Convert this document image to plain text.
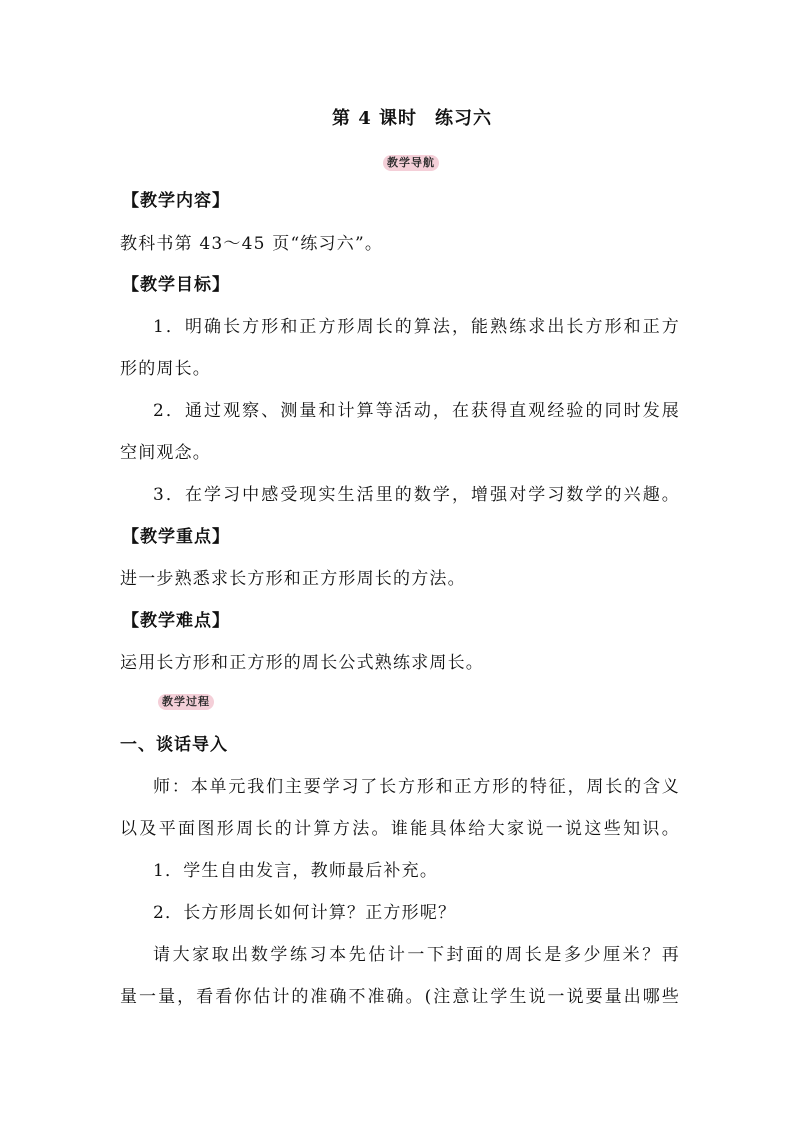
第 4 课时 练习六
教学导航
【教学内容】
教科书第 43～45 页“练习六”。
【教学目标】
1．明确长方形和正方形周长的算法，能熟练求出长方形和正方
形的周长。
2．通过观察、测量和计算等活动，在获得直观经验的同时发展
空间观念。
3．在学习中感受现实生活里的数学，增强对学习数学的兴趣。
【教学重点】
进一步熟悉求长方形和正方形周长的方法。
【教学难点】
运用长方形和正方形的周长公式熟练求周长。
教学过程
一、谈话导入
师：本单元我们主要学习了长方形和正方形的特征，周长的含义
以及平面图形周长的计算方法。谁能具体给大家说一说这些知识。
1．学生自由发言，教师最后补充。
2．长方形周长如何计算？正方形呢？
请大家取出数学练习本先估计一下封面的周长是多少厘米？再
量一量，看看你估计的准确不准确。(注意让学生说一说要量出哪些
